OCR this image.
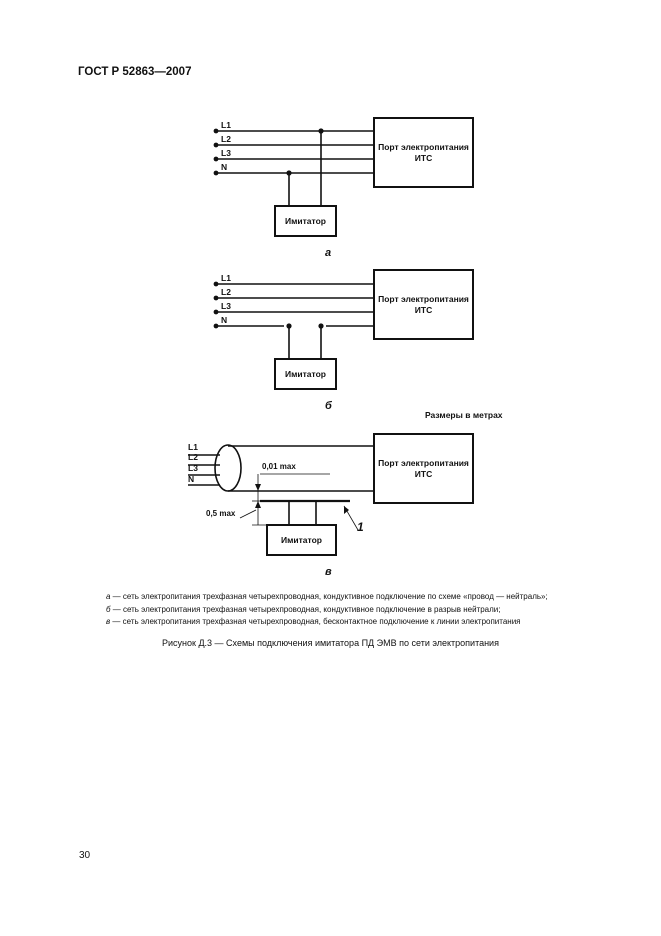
ГОСТ Р 52863—2007
L1
L2
L3
N
Порт электропитания ИТС
Имитатор
а
L1
L2
L3
N
Порт электропитания ИТС
Имитатор
б
Размеры в метрах
L1
L2
L3
N
Порт электропитания ИТС
Имитатор
0,01 max
0,5 max
1
в
а — сеть электропитания трехфазная четырехпроводная, кондуктивное подключение по схеме «провод — нейтраль»;
б — сеть электропитания трехфазная четырехпроводная, кондуктивное подключение в разрыв нейтрали;
в — сеть электропитания трехфазная четырехпроводная, бесконтактное подключение к линии электропитания
Рисунок Д.3 — Схемы подключения имитатора ПД ЭМВ по сети электропитания
30
